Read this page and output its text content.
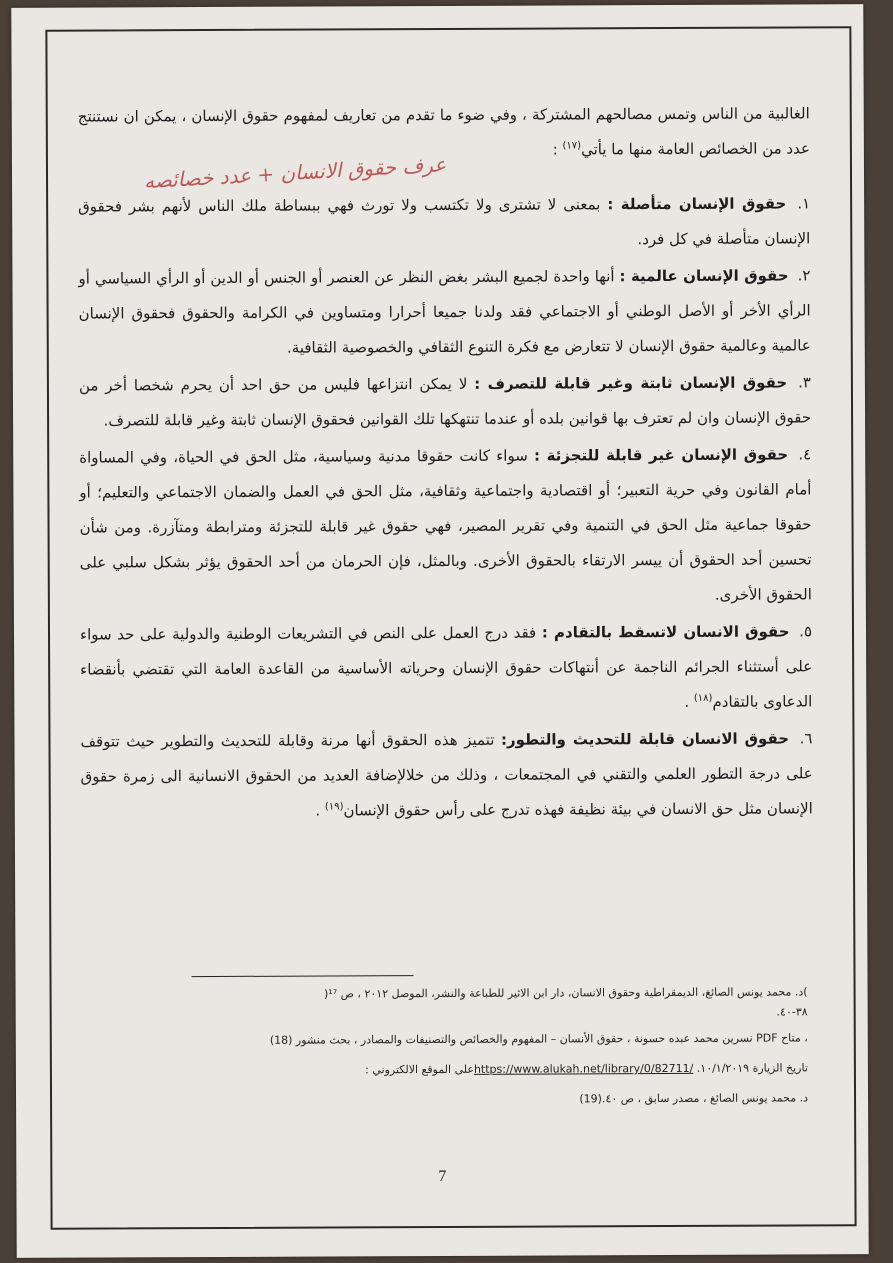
الغالبية من الناس وتمس مصالحهم المشتركة ، وفي ضوء ما تقدم من تعاريف لمفهوم حقوق الإنسان ، يمكن ان نستنتج عدد من الخصائص العامة منها ما يأتي$^{(١٧)}$ :

١. حقوق الإنسان متأصلة : بمعنى لا تشترى ولا تكتسب ولا تورث فهي ببساطة ملك الناس لأنهم بشر فحقوق الإنسان متأصلة في كل فرد.

٢. حقوق الإنسان عالمية : أنها واحدة لجميع البشر بغض النظر عن العنصر أو الجنس أو الدين أو الرأي السياسي أو الرأي الأخر أو الأصل الوطني أو الاجتماعي فقد ولدنا جميعا أحرارا ومتساوين في الكرامة والحقوق فحقوق الإنسان عالمية وعالمية حقوق الإنسان لا تتعارض مع فكرة التنوع الثقافي والخصوصية الثقافية.

٣. حقوق الإنسان ثابتة وغير قابلة للتصرف : لا يمكن انتزاعها فليس من حق احد أن يحرم شخصا أخر من حقوق الإنسان وان لم تعترف بها قوانين بلده أو عندما تنتهكها تلك القوانين فحقوق الإنسان ثابتة وغير قابلة للتصرف.

٤. حقوق الإنسان غير قابلة للتجزئة : سواء كانت حقوقا مدنية وسياسية، مثل الحق في الحياة، وفي المساواة أمام القانون وفي حرية التعبير؛ أو اقتصادية واجتماعية وثقافية، مثل الحق في العمل والضمان الاجتماعي والتعليم؛ أو حقوقا جماعية مثل الحق في التنمية وفي تقرير المصير، فهي حقوق غير قابلة للتجزئة ومترابطة ومتآزرة. ومن شأن تحسين أحد الحقوق أن ييسر الارتقاء بالحقوق الأخرى. وبالمثل، فإن الحرمان من أحد الحقوق يؤثر بشكل سلبي على الحقوق الأخرى.

٥. حقوق الانسان لاتسقط بالتقادم : فقد درج العمل على النص في التشريعات الوطنية والدولية على حد سواء على أستثناء الجرائم الناجمة عن أنتهاكات حقوق الإنسان وحرياته الأساسية من القاعدة العامة التي تقتضي بأنقضاء الدعاوى بالتقادم$^{(١٨)}$ .

٦. حقوق الانسان قابلة للتحديث والتطور: تتميز هذه الحقوق أنها مرنة وقابلة للتحديث والتطوير حيث تتوقف على درجة التطور العلمي والتقني في المجتمعات ، وذلك من خلالإضافة العديد من الحقوق الانسانية الى زمرة حقوق الإنسان مثل حق الانسان في بيئة نظيفة فهذه تدرج على رأس حقوق الإنسان$^{(١٩)}$ .

عرف حقوق الانسان + عدد خصائصه

)د. محمد يونس الصائغ، الديمقراطية وحقوق الانسان، دار ابن الاثير للطباعة والنشر، الموصل ٢٠١٢ ، ص ¹⁷(
٣٨-٤٠.

، متاح PDF نسرين محمد عبده حسونة ، حقوق الأنسان – المفهوم والخصائص والتصنيفات والمصادر ، بحث منشور (18)

تاريخ الزيارة ١٠/١/٢٠١٩. https://www.alukah.net/library/0/82711/على الموقع الالكتروني :

د. محمد يونس الصائغ ، مصدر سابق ، ص ٤٠.(19)

7
